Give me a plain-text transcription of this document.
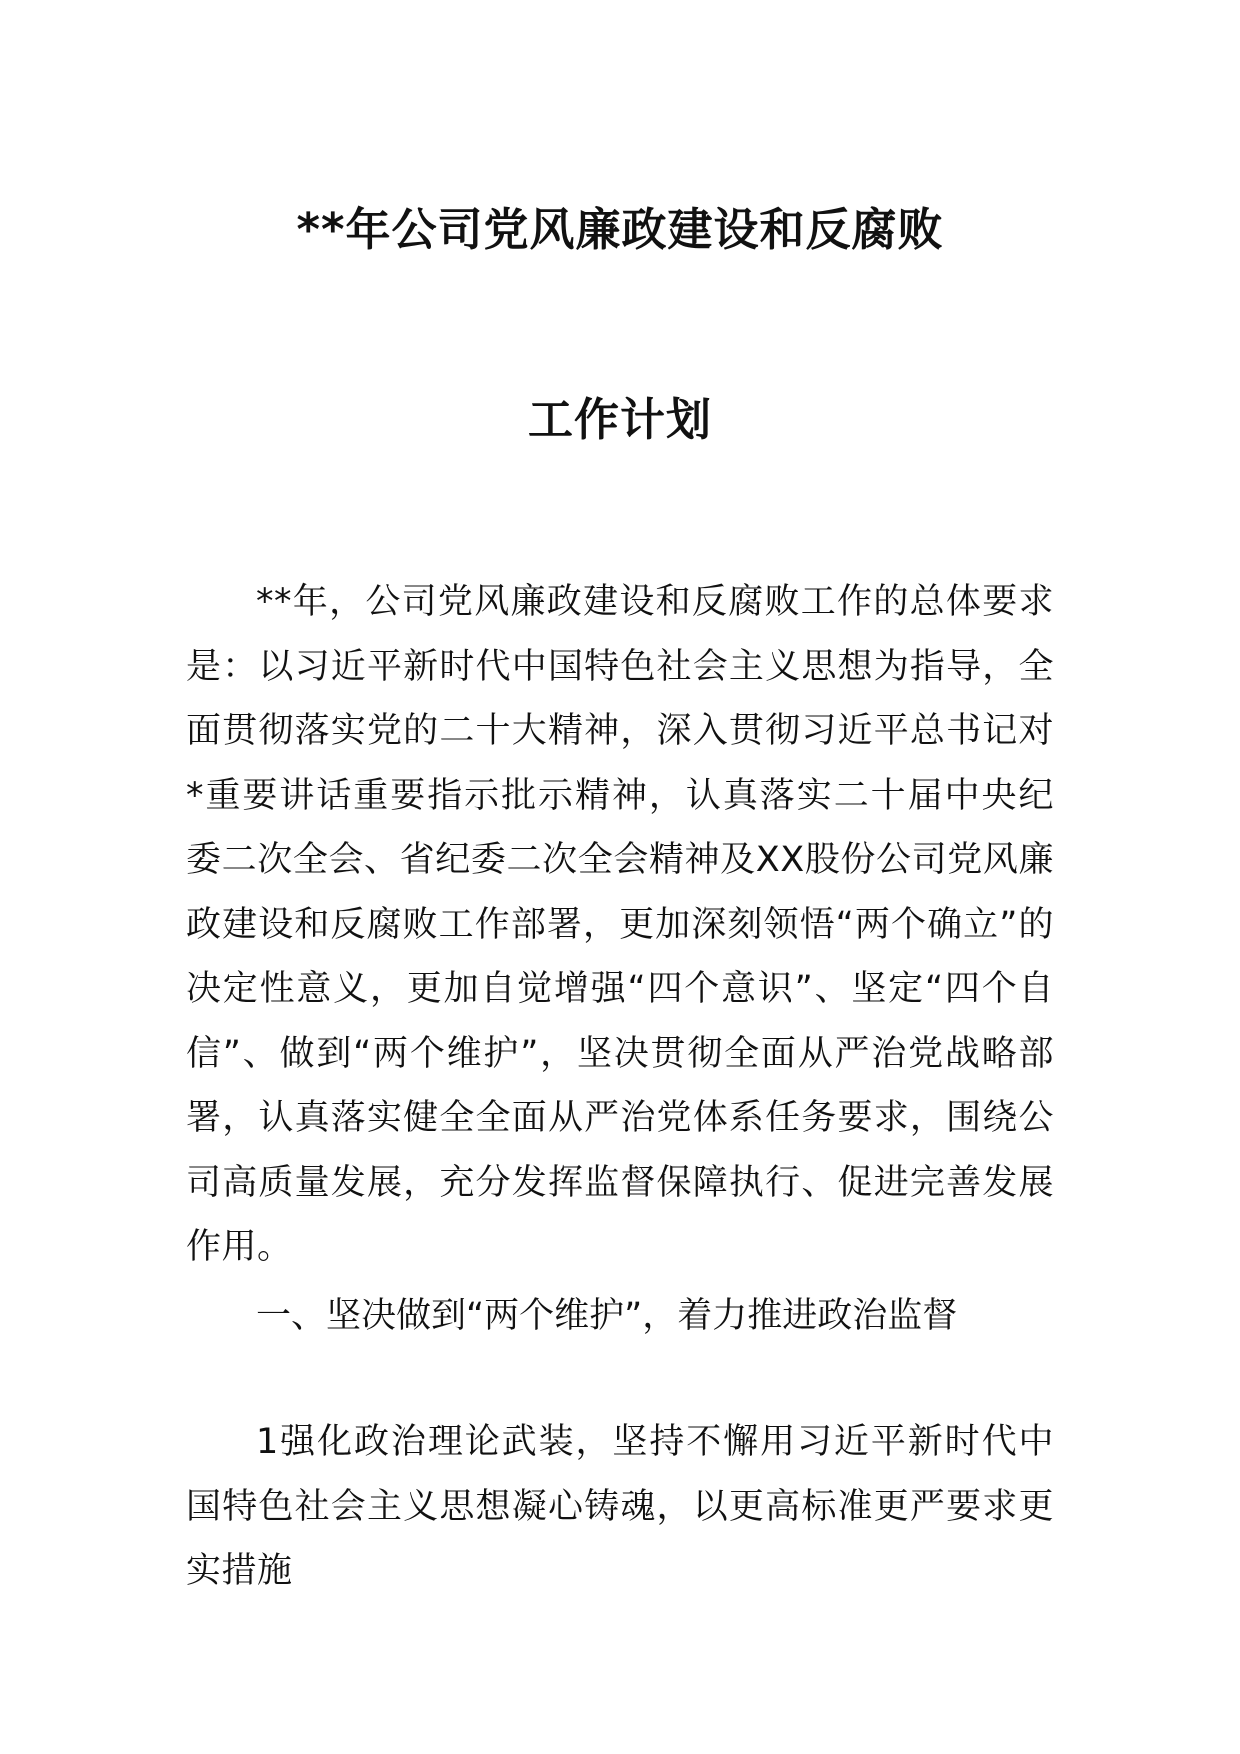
**年公司党风廉政建设和反腐败
工作计划

**年，公司党风廉政建设和反腐败工作的总体要求是：以习近平新时代中国特色社会主义思想为指导，全面贯彻落实党的二十大精神，深入贯彻习近平总书记对*重要讲话重要指示批示精神，认真落实二十届中央纪委二次全会、省纪委二次全会精神及XX股份公司党风廉政建设和反腐败工作部署，更加深刻领悟“两个确立”的决定性意义，更加自觉增强“四个意识”、坚定“四个自信”、做到“两个维护”，坚决贯彻全面从严治党战略部署，认真落实健全全面从严治党体系任务要求，围绕公司高质量发展，充分发挥监督保障执行、促进完善发展作用。

一、坚决做到“两个维护”，着力推进政治监督

1强化政治理论武装，坚持不懈用习近平新时代中国特色社会主义思想凝心铸魂，以更高标准更严要求更实措施
